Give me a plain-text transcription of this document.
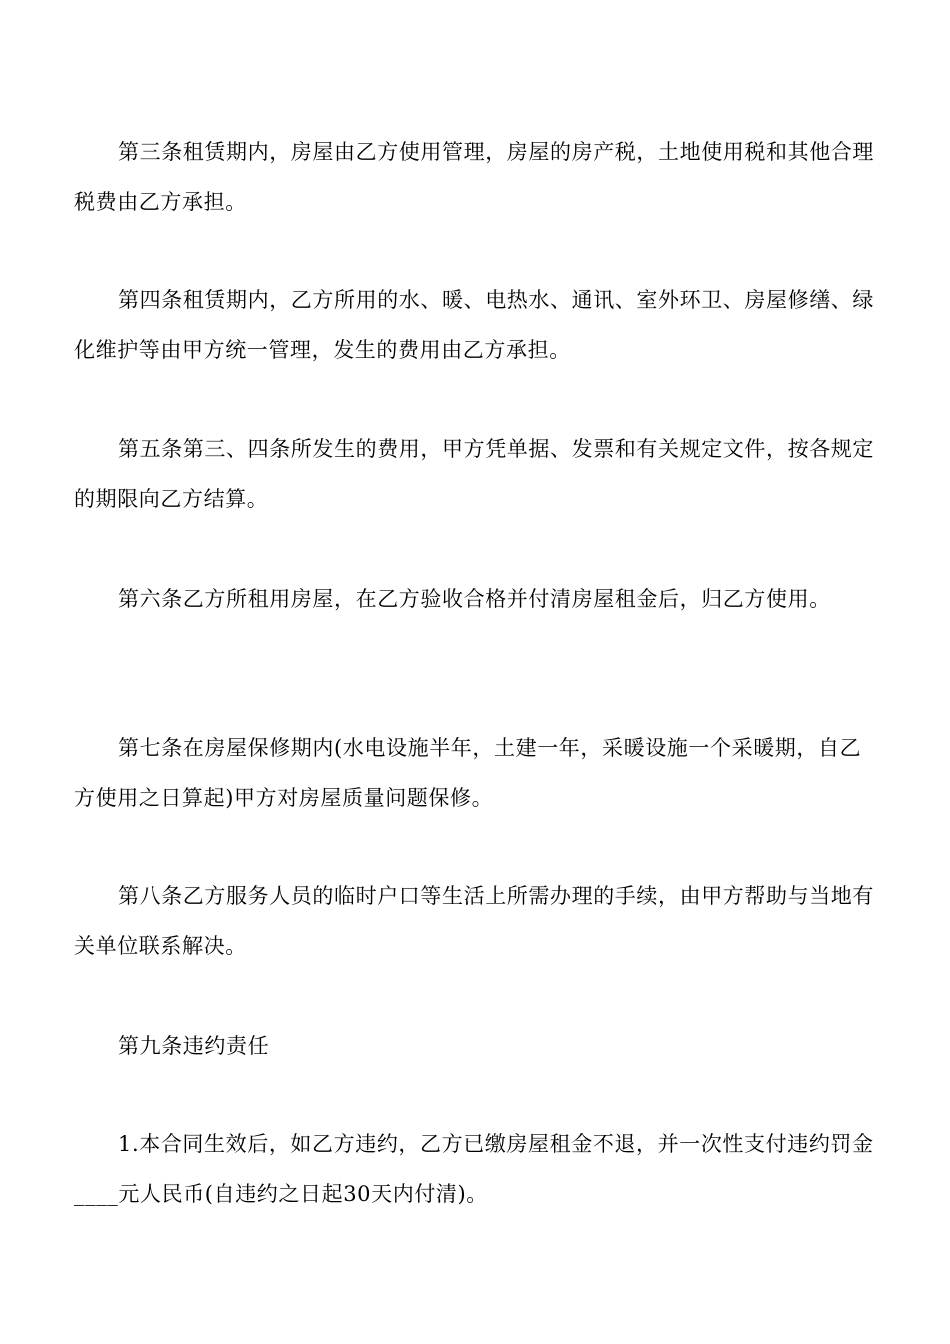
第三条租赁期内，房屋由乙方使用管理，房屋的房产税，土地使用税和其他合理税费由乙方承担。

第四条租赁期内，乙方所用的水、暖、电热水、通讯、室外环卫、房屋修缮、绿化维护等由甲方统一管理，发生的费用由乙方承担。

第五条第三、四条所发生的费用，甲方凭单据、发票和有关规定文件，按各规定的期限向乙方结算。

第六条乙方所租用房屋，在乙方验收合格并付清房屋租金后，归乙方使用。

第七条在房屋保修期内(水电设施半年，土建一年，采暖设施一个采暖期，自乙方使用之日算起)甲方对房屋质量问题保修。

第八条乙方服务人员的临时户口等生活上所需办理的手续，由甲方帮助与当地有关单位联系解决。

第九条违约责任

1.本合同生效后，如乙方违约，乙方已缴房屋租金不退，并一次性支付违约罚金____元人民币(自违约之日起30天内付清)。
